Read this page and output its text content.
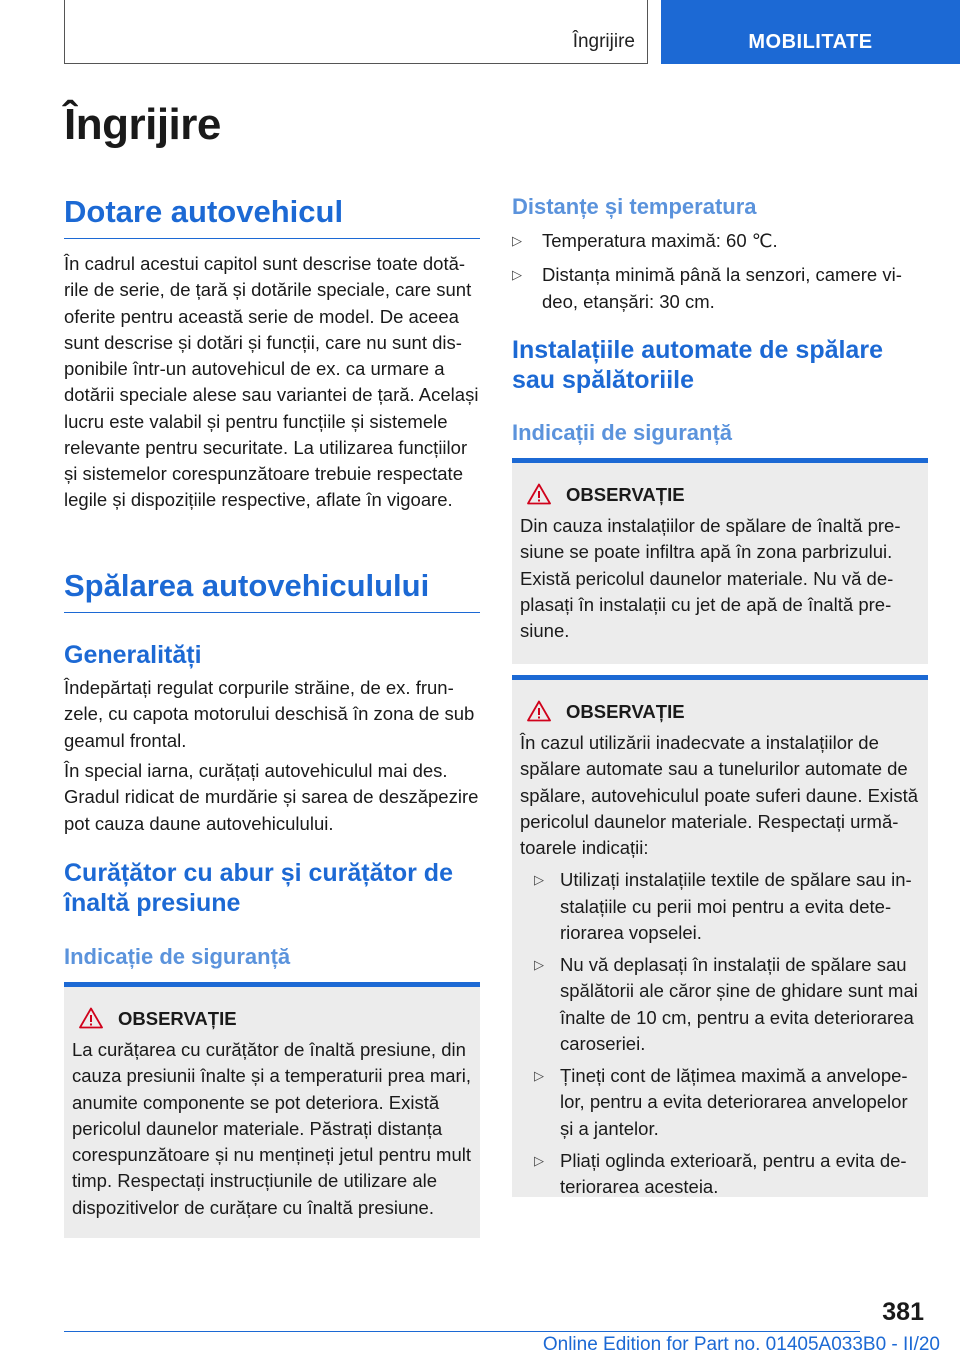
Îngrijire	MOBILITATE
Îngrijire
Dotare autovehicul

În cadrul acestui capitol sunt descrise toate dotările de serie, de țară și dotările speciale, care sunt oferite pentru această serie de model. De aceea sunt descrise și dotări și funcții, care nu sunt disponibile într-un autovehicul de ex. ca urmare a dotării speciale alese sau variantei de țară. Același lucru este valabil și pentru funcțiile și sistemele relevante pentru securitate. La utilizarea funcțiilor și sistemelor corespunzătoare trebuie respectate legile și dispozițiile respective, aflate în vigoare.

Spălarea autovehiculului
Generalități

Îndepărtați regulat corpurile străine, de ex. frunzele, cu capota motorului deschisă în zona de sub geamul frontal.

În special iarna, curățați autovehiculul mai des. Gradul ridicat de murdărie și sarea de deszăpezire pot cauza daune autovehiculului.

Curățător cu abur și curățător de înaltă presiune
Indicație de siguranță
OBSERVAȚIE

La curățarea cu curățător de înaltă presiune, din cauza presiunii înalte și a temperaturii prea mari, anumite componente se pot deteriora. Există pericolul daunelor materiale. Păstrați distanța corespunzătoare și nu mențineți jetul pentru mult timp. Respectați instrucțiunile de utilizare ale dispozitivelor de curățare cu înaltă presiune.

Distanțe și temperatura
▷ Temperatura maximă: 60 ℃.
▷ Distanța minimă până la senzori, camere video, etanșări: 30 cm.
Instalațiile automate de spălare sau spălătoriile
Indicații de siguranță
OBSERVAȚIE

Din cauza instalațiilor de spălare de înaltă presiune se poate infiltra apă în zona parbrizului. Există pericolul daunelor materiale. Nu vă deplasați în instalații cu jet de apă de înaltă presiune.

OBSERVAȚIE

În cazul utilizării inadecvate a instalațiilor de spălare automate sau a tunelurilor automate de spălare, autovehiculul poate suferi daune. Există pericolul daunelor materiale. Respectați următoarele indicații:

▷ Utilizați instalațiile textile de spălare sau instalațiile cu perii moi pentru a evita deteriorarea vopselei.
▷ Nu vă deplasați în instalații de spălare sau spălătorii ale căror șine de ghidare sunt mai înalte de 10 cm, pentru a evita deteriorarea caroseriei.
▷ Țineți cont de lățimea maximă a anvelopelor, pentru a evita deteriorarea anvelopelor și a jantelor.
▷ Pliați oglinda exterioară, pentru a evita deteriorarea acesteia.
381
Online Edition for Part no. 01405A033B0 - II/20
